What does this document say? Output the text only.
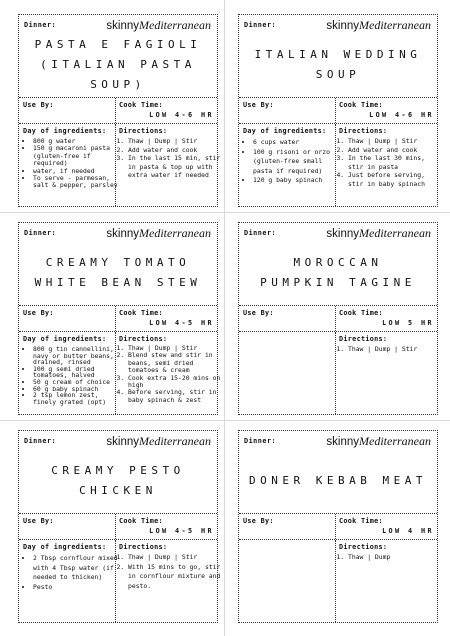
Dinner:	skinnyMediterranean
PASTA E FAGIOLI
(ITALIAN PASTA
SOUP)
Use By:	Cook Time:
LOW 4-6 HR
Day of ingredients:
• 800 g water
• 150 g macaroni pasta (gluten-free if required)
• water, if needed
• To serve - parmesan, salt & pepper, parsley
Directions:
1. Thaw | Dump | Stir
2. Add water and cook
3. In the last 15 min, stir in pasta & top up with extra water if needed
Dinner:	skinnyMediterranean
ITALIAN WEDDING
SOUP
Use By:	Cook Time:
LOW 4-6 HR
Day of ingredients:
• 6 cups water
• 100 g risoni or orzo (gluten-free small pasta if required)
• 120 g baby spinach
Directions:
1. Thaw | Dump | Stir
2. Add water and cook
3. In the last 30 mins, stir in pasta
4. Just before serving, stir in baby spinach
Dinner:	skinnyMediterranean
CREAMY TOMATO
WHITE BEAN STEW
Use By:	Cook Time:
LOW 4-5 HR
Day of ingredients:
• 800 g tin cannellini, navy or butter beans, drained, rinsed
• 100 g semi dried tomatoes, halved
• 50 g cream of choice
• 60 g baby spinach
• 2 tsp lemon zest, finely grated (opt)
Directions:
1. Thaw | Dump | Stir
2. Blend stew and stir in beans, semi dried tomatoes & cream
3. Cook extra 15-20 mins on high
4. Before serving, stir in baby spinach & zest
Dinner:	skinnyMediterranean
MOROCCAN
PUMPKIN TAGINE
Use By:	Cook Time:
LOW 5 HR
Directions:
1. Thaw | Dump | Stir
Dinner:	skinnyMediterranean
CREAMY PESTO
CHICKEN
Use By:	Cook Time:
LOW 4-5 HR
Day of ingredients:
• 2 Tbsp cornflour mixed with 4 Tbsp water (if needed to thicken)
• Pesto
Directions:
1. Thaw | Dump | Stir
2. With 15 mins to go, stir in cornflour mixture and pesto.
Dinner:	skinnyMediterranean
DONER KEBAB MEAT
Use By:	Cook Time:
LOW 4 HR
Directions:
1. Thaw | Dump
